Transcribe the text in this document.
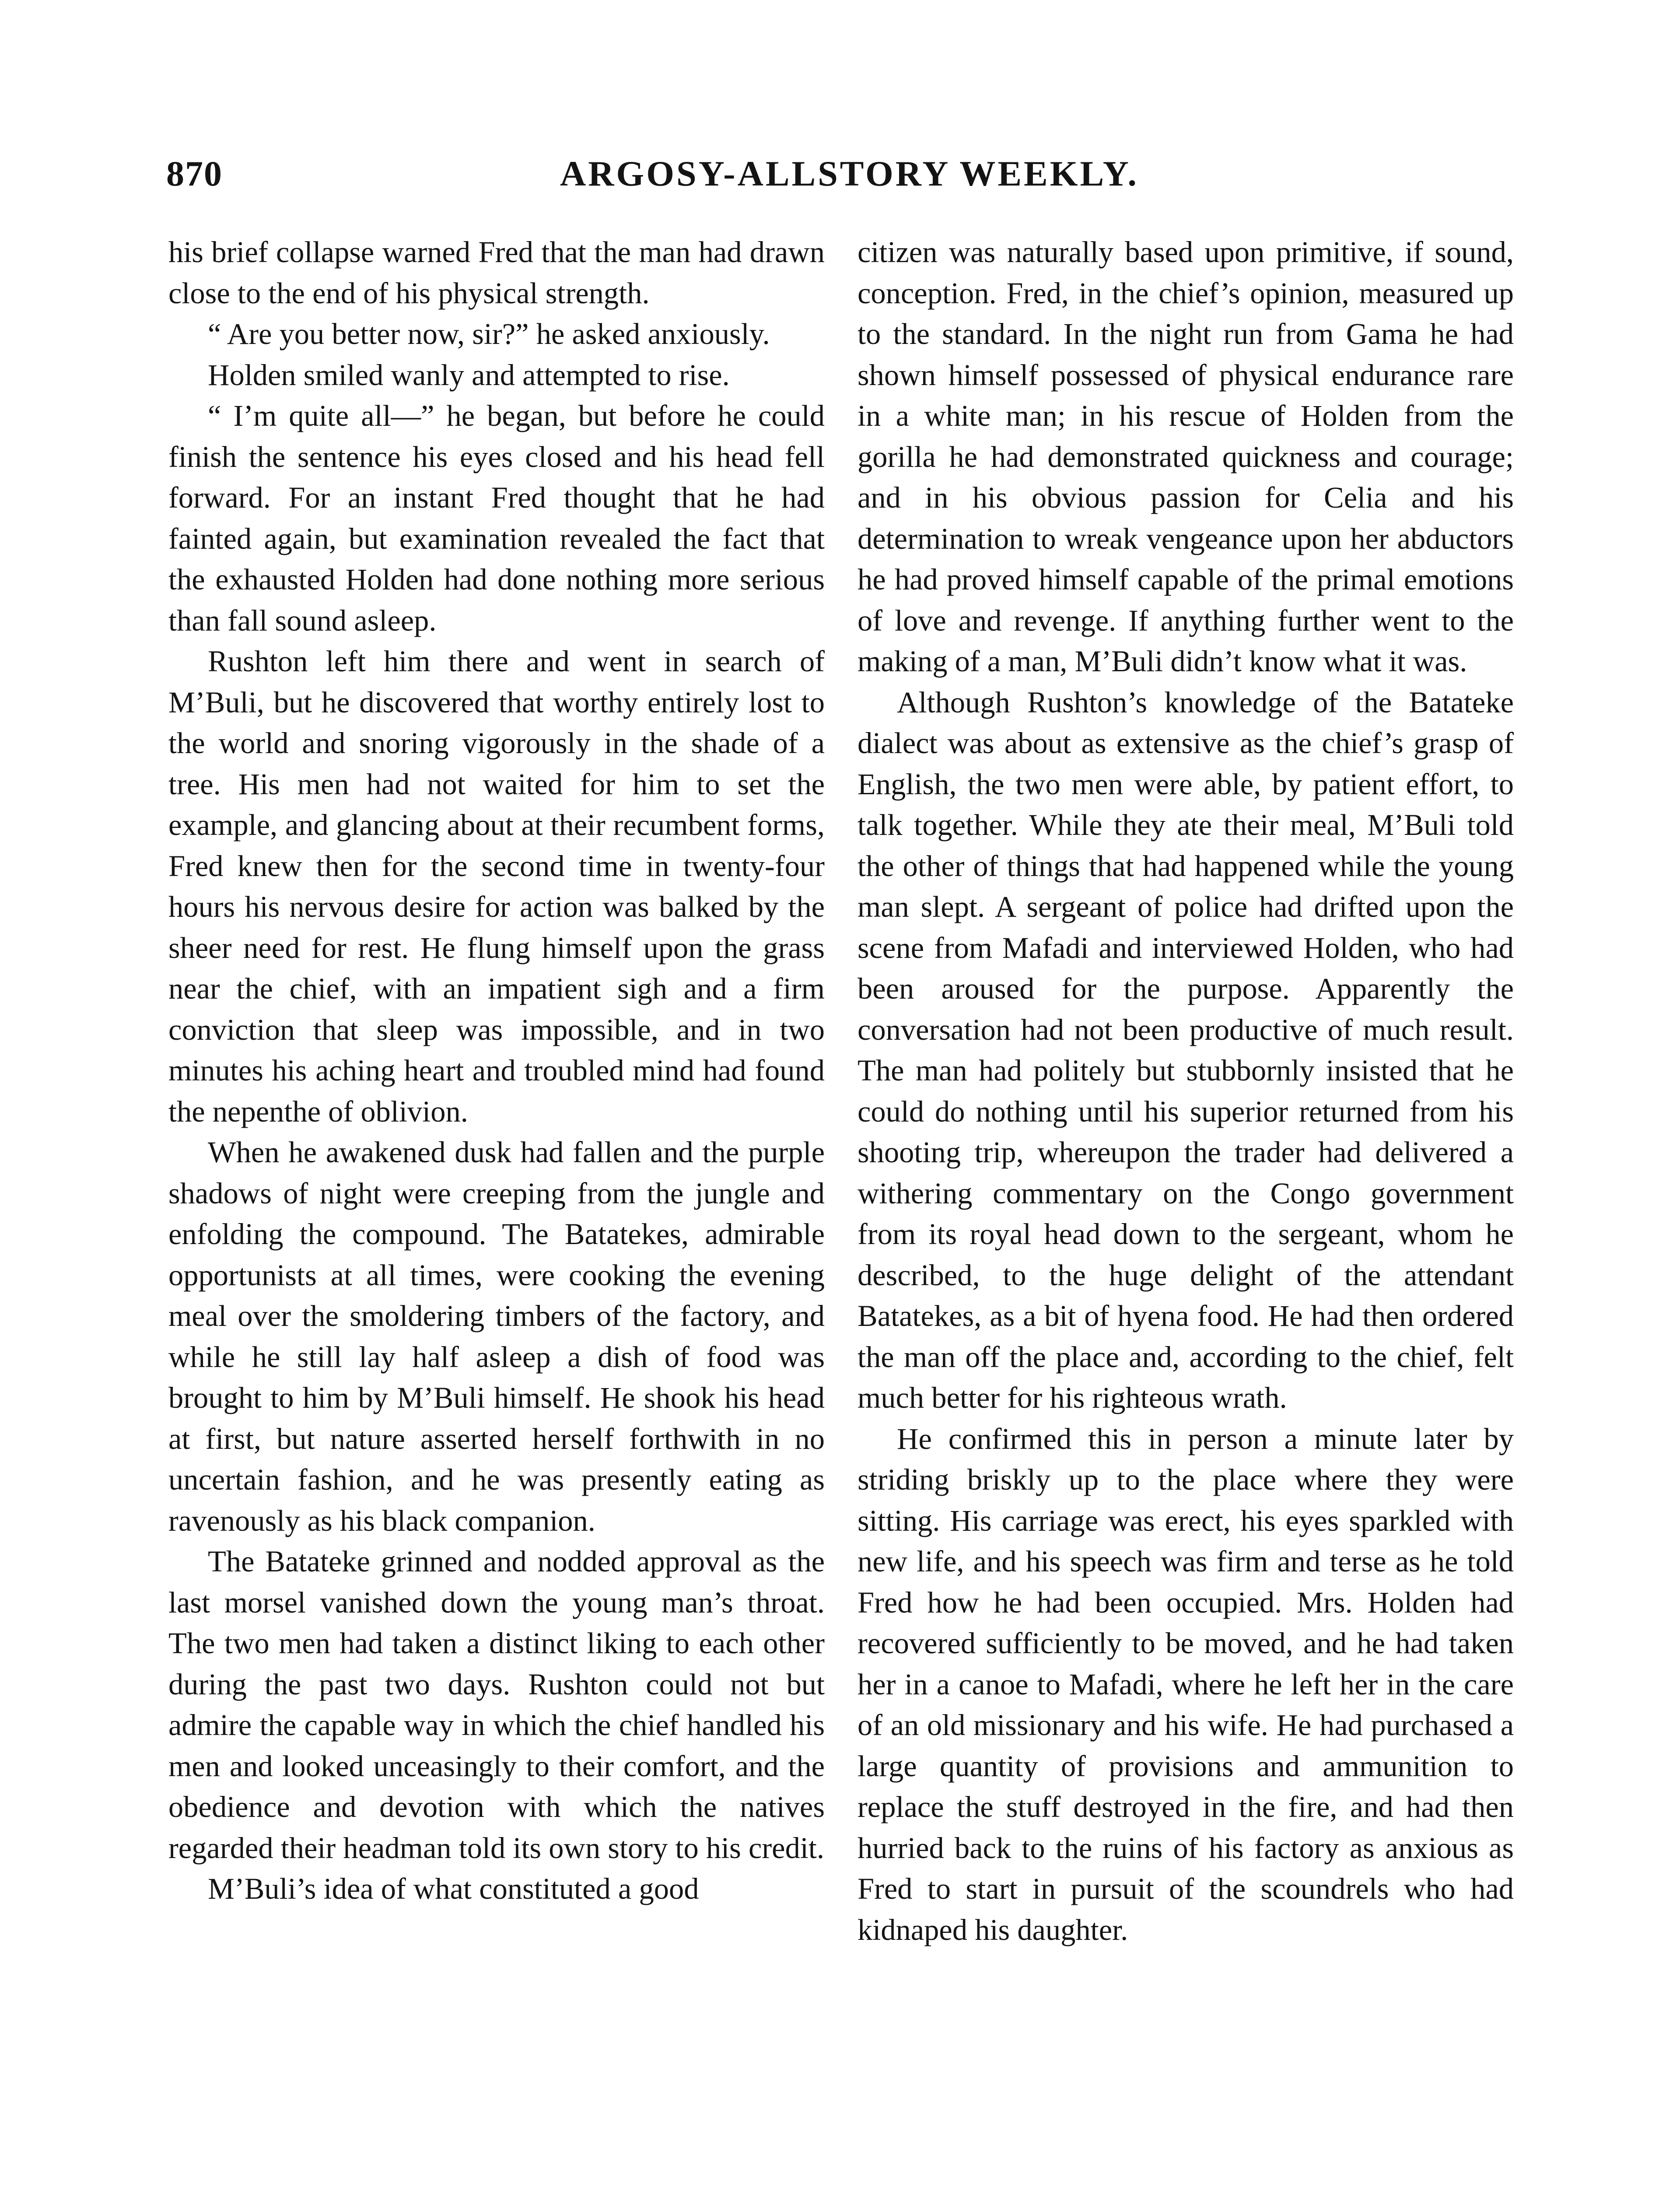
870	ARGOSY-ALLSTORY WEEKLY.

his brief collapse warned Fred that the man had drawn close to the end of his physical strength.

“ Are you better now, sir?” he asked anxiously.

Holden smiled wanly and attempted to rise.

“ I’m quite all—” he began, but before he could finish the sentence his eyes closed and his head fell forward. For an instant Fred thought that he had fainted again, but examination revealed the fact that the exhausted Holden had done nothing more serious than fall sound asleep.

Rushton left him there and went in search of M’Buli, but he discovered that worthy entirely lost to the world and snoring vigorously in the shade of a tree. His men had not waited for him to set the example, and glancing about at their recumbent forms, Fred knew then for the second time in twenty-four hours his nervous desire for action was balked by the sheer need for rest. He flung himself upon the grass near the chief, with an impatient sigh and a firm conviction that sleep was impossible, and in two minutes his aching heart and troubled mind had found the nepenthe of oblivion.

When he awakened dusk had fallen and the purple shadows of night were creeping from the jungle and enfolding the compound. The Batatekes, admirable opportunists at all times, were cooking the evening meal over the smoldering timbers of the factory, and while he still lay half asleep a dish of food was brought to him by M’Buli himself. He shook his head at first, but nature asserted herself forthwith in no uncertain fashion, and he was presently eating as ravenously as his black companion.

The Batateke grinned and nodded approval as the last morsel vanished down the young man’s throat. The two men had taken a distinct liking to each other during the past two days. Rushton could not but admire the capable way in which the chief handled his men and looked unceasingly to their comfort, and the obedience and devotion with which the natives regarded their headman told its own story to his credit.

M’Buli’s idea of what constituted a good

citizen was naturally based upon primitive, if sound, conception. Fred, in the chief’s opinion, measured up to the standard. In the night run from Gama he had shown himself possessed of physical endurance rare in a white man; in his rescue of Holden from the gorilla he had demonstrated quickness and courage; and in his obvious passion for Celia and his determination to wreak vengeance upon her abductors he had proved himself capable of the primal emotions of love and revenge. If anything further went to the making of a man, M’Buli didn’t know what it was.

Although Rushton’s knowledge of the Batateke dialect was about as extensive as the chief’s grasp of English, the two men were able, by patient effort, to talk together. While they ate their meal, M’Buli told the other of things that had happened while the young man slept. A sergeant of police had drifted upon the scene from Mafadi and interviewed Holden, who had been aroused for the purpose. Apparently the conversation had not been productive of much result. The man had politely but stubbornly insisted that he could do nothing until his superior returned from his shooting trip, whereupon the trader had delivered a withering commentary on the Congo government from its royal head down to the sergeant, whom he described, to the huge delight of the attendant Batatekes, as a bit of hyena food. He had then ordered the man off the place and, according to the chief, felt much better for his righteous wrath.

He confirmed this in person a minute later by striding briskly up to the place where they were sitting. His carriage was erect, his eyes sparkled with new life, and his speech was firm and terse as he told Fred how he had been occupied. Mrs. Holden had recovered sufficiently to be moved, and he had taken her in a canoe to Mafadi, where he left her in the care of an old missionary and his wife. He had purchased a large quantity of provisions and ammunition to replace the stuff destroyed in the fire, and had then hurried back to the ruins of his factory as anxious as Fred to start in pursuit of the scoundrels who had kidnaped his daughter.
